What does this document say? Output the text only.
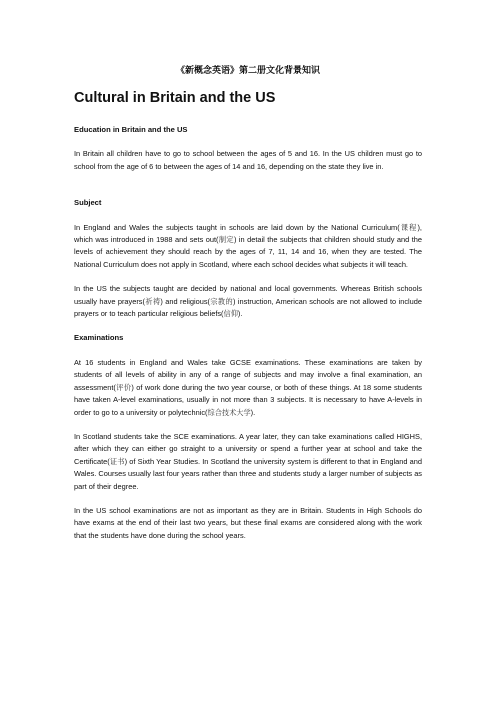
《新概念英语》第二册文化背景知识
Cultural in Britain and the US
Education in Britain and the US

In Britain all children have to go to school between the ages of 5 and 16. In the US children must go to school from the age of 6 to between the ages of 14 and 16, depending on the state they live in.

Subject

In England and Wales the subjects taught in schools are laid down by the National Curriculum(课程), which was introduced in 1988 and sets out(制定) in detail the subjects that children should study and the levels of achievement they should reach by the ages of 7, 11, 14 and 16, when they are tested. The National Curriculum does not apply in Scotland, where each school decides what subjects it will teach.

In the US the subjects taught are decided by national and local governments. Whereas British schools usually have prayers(祈祷) and religious(宗教的) instruction, American schools are not allowed to include prayers or to teach particular religious beliefs(信仰).

Examinations

At 16 students in England and Wales take GCSE examinations. These examinations are taken by students of all levels of ability in any of a range of subjects and may involve a final examination, an assessment(评价) of work done during the two year course, or both of these things. At 18 some students have taken A-level examinations, usually in not more than 3 subjects. It is necessary to have A-levels in order to go to a university or polytechnic(综合技术大学).

In Scotland students take the SCE examinations. A year later, they can take examinations called HIGHS, after which they can either go straight to a university or spend a further year at school and take the Certificate(证书) of Sixth Year Studies. In Scotland the university system is different to that in England and Wales. Courses usually last four years rather than three and students study a larger number of subjects as part of their degree.

In the US school examinations are not as important as they are in Britain. Students in High Schools do have exams at the end of their last two years, but these final exams are considered along with the work that the students have done during the school years.
